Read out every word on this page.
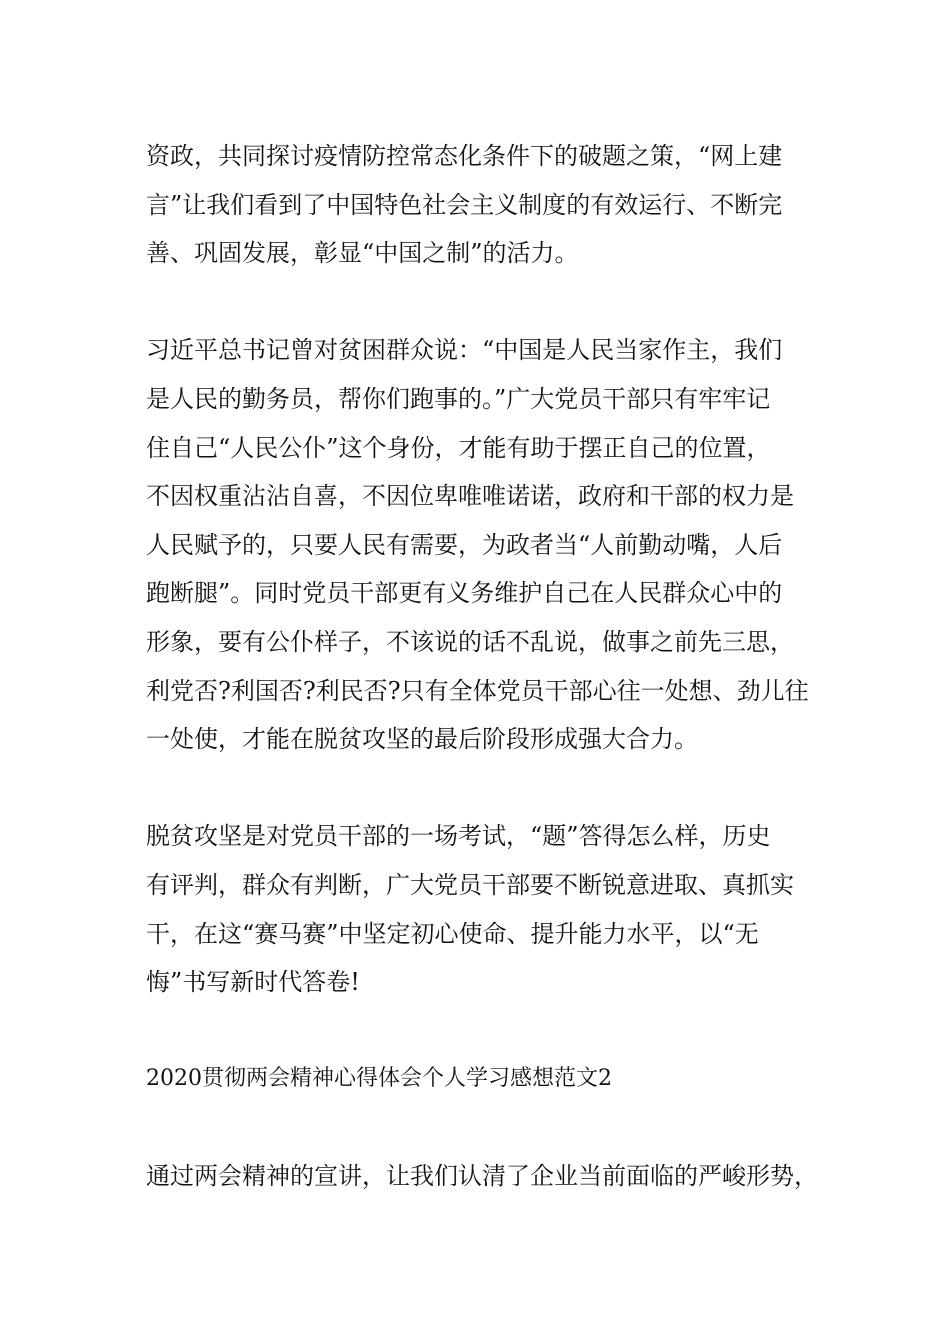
资政，共同探讨疫情防控常态化条件下的破题之策，“网上建
言”让我们看到了中国特色社会主义制度的有效运行、不断完
善、巩固发展，彰显“中国之制”的活力。

习近平总书记曾对贫困群众说：“中国是人民当家作主，我们
是人民的勤务员，帮你们跑事的。”广大党员干部只有牢牢记
住自己“人民公仆”这个身份，才能有助于摆正自己的位置，
不因权重沾沾自喜，不因位卑唯唯诺诺，政府和干部的权力是
人民赋予的，只要人民有需要，为政者当“人前勤动嘴，人后
跑断腿”。同时党员干部更有义务维护自己在人民群众心中的
形象，要有公仆样子，不该说的话不乱说，做事之前先三思，
利党否?利国否?利民否?只有全体党员干部心往一处想、劲儿往
一处使，才能在脱贫攻坚的最后阶段形成强大合力。

脱贫攻坚是对党员干部的一场考试，“题”答得怎么样，历史
有评判，群众有判断，广大党员干部要不断锐意进取、真抓实
干，在这“赛马赛”中坚定初心使命、提升能力水平，以“无
悔”书写新时代答卷!

2020贯彻两会精神心得体会个人学习感想范文2

通过两会精神的宣讲，让我们认清了企业当前面临的严峻形势，
